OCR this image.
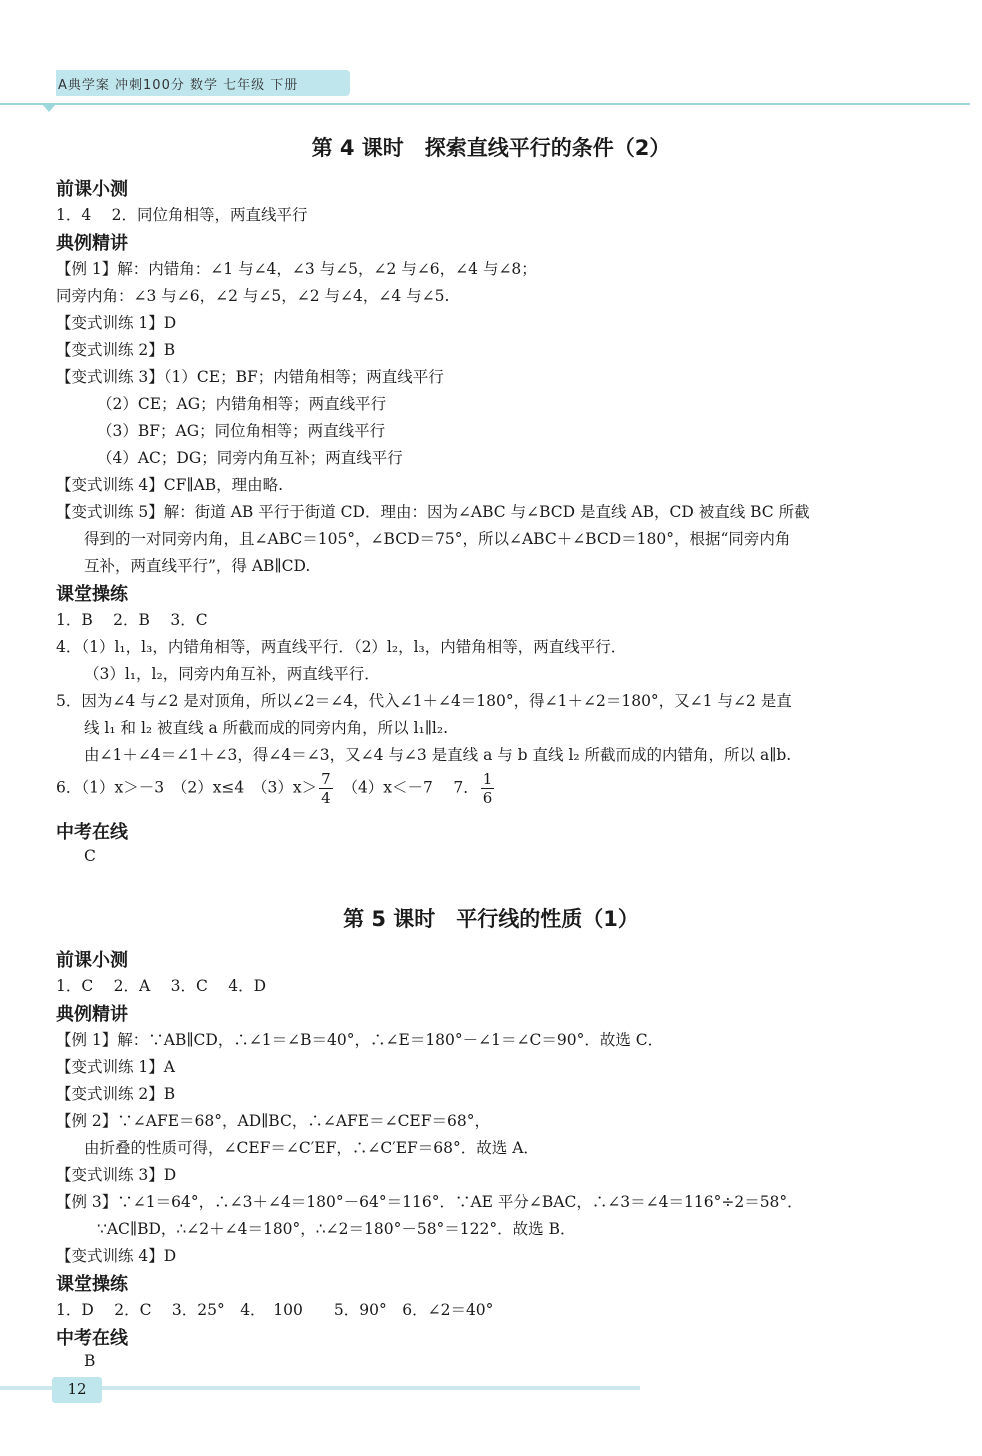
A典学案 冲刺100分 数学 七年级 下册
第 4 课时　探索直线平行的条件（2）
前课小测
1．4　 2．同位角相等，两直线平行
典例精讲
【例 1】解：内错角：∠1 与∠4，∠3 与∠5，∠2 与∠6，∠4 与∠8；
同旁内角：∠3 与∠6，∠2 与∠5，∠2 与∠4，∠4 与∠5.
【变式训练 1】D
【变式训练 2】B
【变式训练 3】（1）CE；BF；内错角相等；两直线平行
（2）CE；AG；内错角相等；两直线平行
（3）BF；AG；同位角相等；两直线平行
（4）AC；DG；同旁内角互补；两直线平行
【变式训练 4】CF∥AB，理由略.
【变式训练 5】解：街道 AB 平行于街道 CD．理由：因为∠ABC 与∠BCD 是直线 AB，CD 被直线 BC 所截
得到的一对同旁内角，且∠ABC＝105°，∠BCD＝75°，所以∠ABC＋∠BCD＝180°，根据“同旁内角
互补，两直线平行”，得 AB∥CD.
课堂操练
1．B　 2．B　 3．C
4．（1）l₁，l₃，内错角相等，两直线平行．（2）l₂，l₃，内错角相等，两直线平行．
（3）l₁，l₂，同旁内角互补，两直线平行．
5．因为∠4 与∠2 是对顶角，所以∠2＝∠4，代入∠1＋∠4＝180°，得∠1＋∠2＝180°，又∠1 与∠2 是直
线 l₁ 和 l₂ 被直线 a 所截而成的同旁内角，所以 l₁∥l₂.
由∠1＋∠4＝∠1＋∠3，得∠4＝∠3，又∠4 与∠3 是直线 a 与 b 直线 l₂ 所截而成的内错角，所以 a∥b.
6．（1）x＞－3　（2）x≤4　$(3)x> \frac{7}{4}$ 　（4）x＜－7　 7． $\frac{1}{6}$
中考在线
C
第 5 课时　平行线的性质（1）
前课小测
1．C　 2．A　 3．C　 4．D
典例精讲
【例 1】解：∵AB∥CD，∴∠1＝∠B＝40°，∴∠E＝180°－∠1＝∠C＝90°．故选 C．
【变式训练 1】A
【变式训练 2】B
【例 2】∵∠AFE＝68°，AD∥BC，∴∠AFE＝∠CEF＝68°，
由折叠的性质可得，∠CEF＝∠C′EF，∴∠C′EF＝68°．故选 A．
【变式训练 3】D
【例 3】∵∠1＝64°，∴∠3＋∠4＝180°－64°＝116°．∵AE 平分∠BAC，∴∠3＝∠4＝116°÷2＝58°．
∵AC∥BD，∴∠2＋∠4＝180°，∴∠2＝180°－58°＝122°．故选 B．
【变式训练 4】D
课堂操练
1．D　 2．C　 3．25°　4．　100　　5．90°　6．∠2＝40°
中考在线
B
12
